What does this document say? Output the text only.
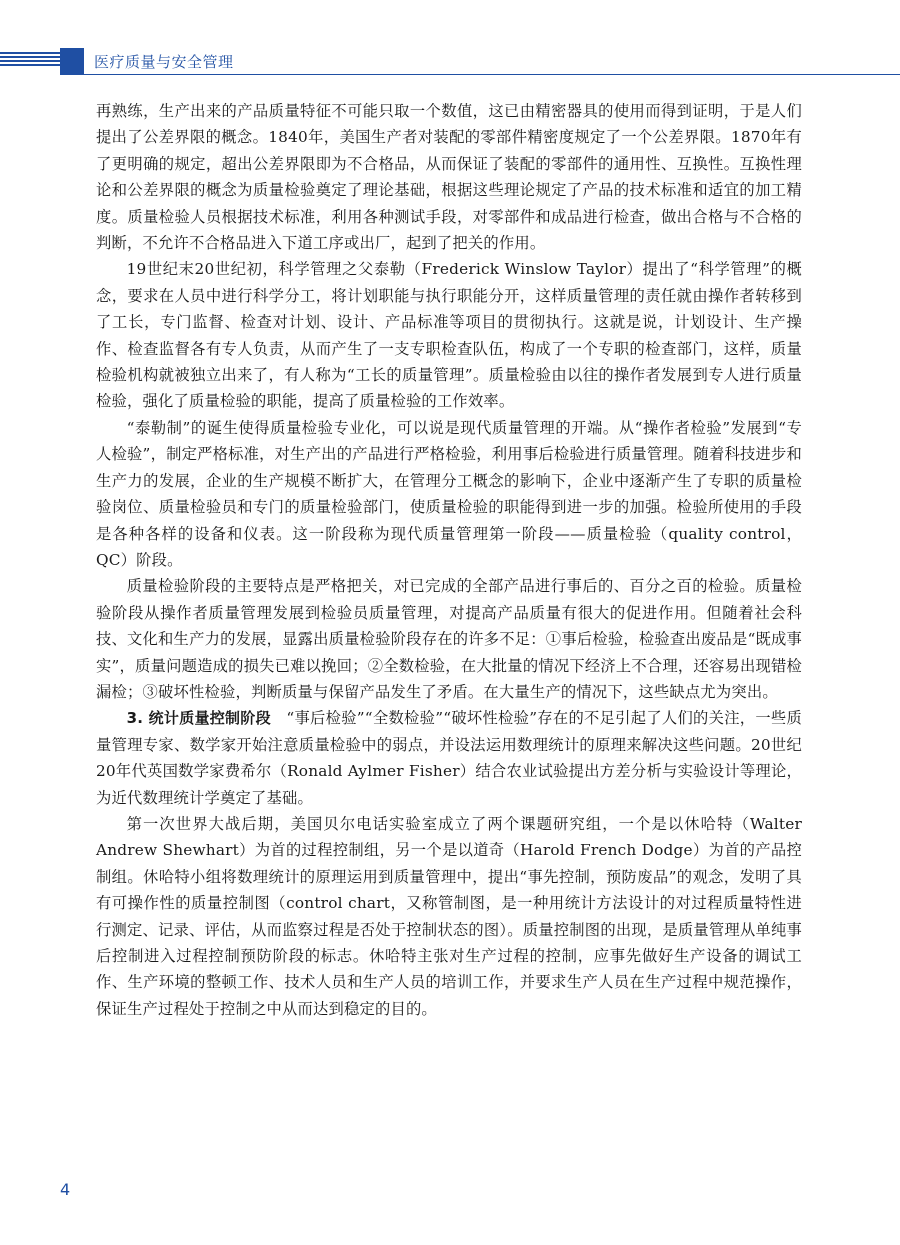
医疗质量与安全管理

再熟练，生产出来的产品质量特征不可能只取一个数值，这已由精密器具的使用而得到证明，于是人们提出了公差界限的概念。1840年，美国生产者对装配的零部件精密度规定了一个公差界限。1870年有了更明确的规定，超出公差界限即为不合格品，从而保证了装配的零部件的通用性、互换性。互换性理论和公差界限的概念为质量检验奠定了理论基础，根据这些理论规定了产品的技术标准和适宜的加工精度。质量检验人员根据技术标准，利用各种测试手段，对零部件和成品进行检查，做出合格与不合格的判断，不允许不合格品进入下道工序或出厂，起到了把关的作用。

19世纪末20世纪初，科学管理之父泰勒（Frederick Winslow Taylor）提出了“科学管理”的概念，要求在人员中进行科学分工，将计划职能与执行职能分开，这样质量管理的责任就由操作者转移到了工长，专门监督、检查对计划、设计、产品标准等项目的贯彻执行。这就是说，计划设计、生产操作、检查监督各有专人负责，从而产生了一支专职检查队伍，构成了一个专职的检查部门，这样，质量检验机构就被独立出来了，有人称为“工长的质量管理”。质量检验由以往的操作者发展到专人进行质量检验，强化了质量检验的职能，提高了质量检验的工作效率。

“泰勒制”的诞生使得质量检验专业化，可以说是现代质量管理的开端。从“操作者检验”发展到“专人检验”，制定严格标准，对生产出的产品进行严格检验，利用事后检验进行质量管理。随着科技进步和生产力的发展，企业的生产规模不断扩大，在管理分工概念的影响下，企业中逐渐产生了专职的质量检验岗位、质量检验员和专门的质量检验部门，使质量检验的职能得到进一步的加强。检验所使用的手段是各种各样的设备和仪表。这一阶段称为现代质量管理第一阶段——质量检验（quality control，QC）阶段。

质量检验阶段的主要特点是严格把关，对已完成的全部产品进行事后的、百分之百的检验。质量检验阶段从操作者质量管理发展到检验员质量管理，对提高产品质量有很大的促进作用。但随着社会科技、文化和生产力的发展，显露出质量检验阶段存在的许多不足：①事后检验，检验查出废品是“既成事实”，质量问题造成的损失已难以挽回；②全数检验，在大批量的情况下经济上不合理，还容易出现错检漏检；③破坏性检验，判断质量与保留产品发生了矛盾。在大量生产的情况下，这些缺点尤为突出。

3. 统计质量控制阶段  “事后检验”“全数检验”“破坏性检验”存在的不足引起了人们的关注，一些质量管理专家、数学家开始注意质量检验中的弱点，并设法运用数理统计的原理来解决这些问题。20世纪20年代英国数学家费希尔（Ronald Aylmer Fisher）结合农业试验提出方差分析与实验设计等理论，为近代数理统计学奠定了基础。

第一次世界大战后期，美国贝尔电话实验室成立了两个课题研究组，一个是以休哈特（Walter Andrew Shewhart）为首的过程控制组，另一个是以道奇（Harold French Dodge）为首的产品控制组。休哈特小组将数理统计的原理运用到质量管理中，提出“事先控制，预防废品”的观念，发明了具有可操作性的质量控制图（control chart，又称管制图，是一种用统计方法设计的对过程质量特性进行测定、记录、评估，从而监察过程是否处于控制状态的图）。质量控制图的出现，是质量管理从单纯事后控制进入过程控制预防阶段的标志。休哈特主张对生产过程的控制，应事先做好生产设备的调试工作、生产环境的整顿工作、技术人员和生产人员的培训工作，并要求生产人员在生产过程中规范操作，保证生产过程处于控制之中从而达到稳定的目的。

4
